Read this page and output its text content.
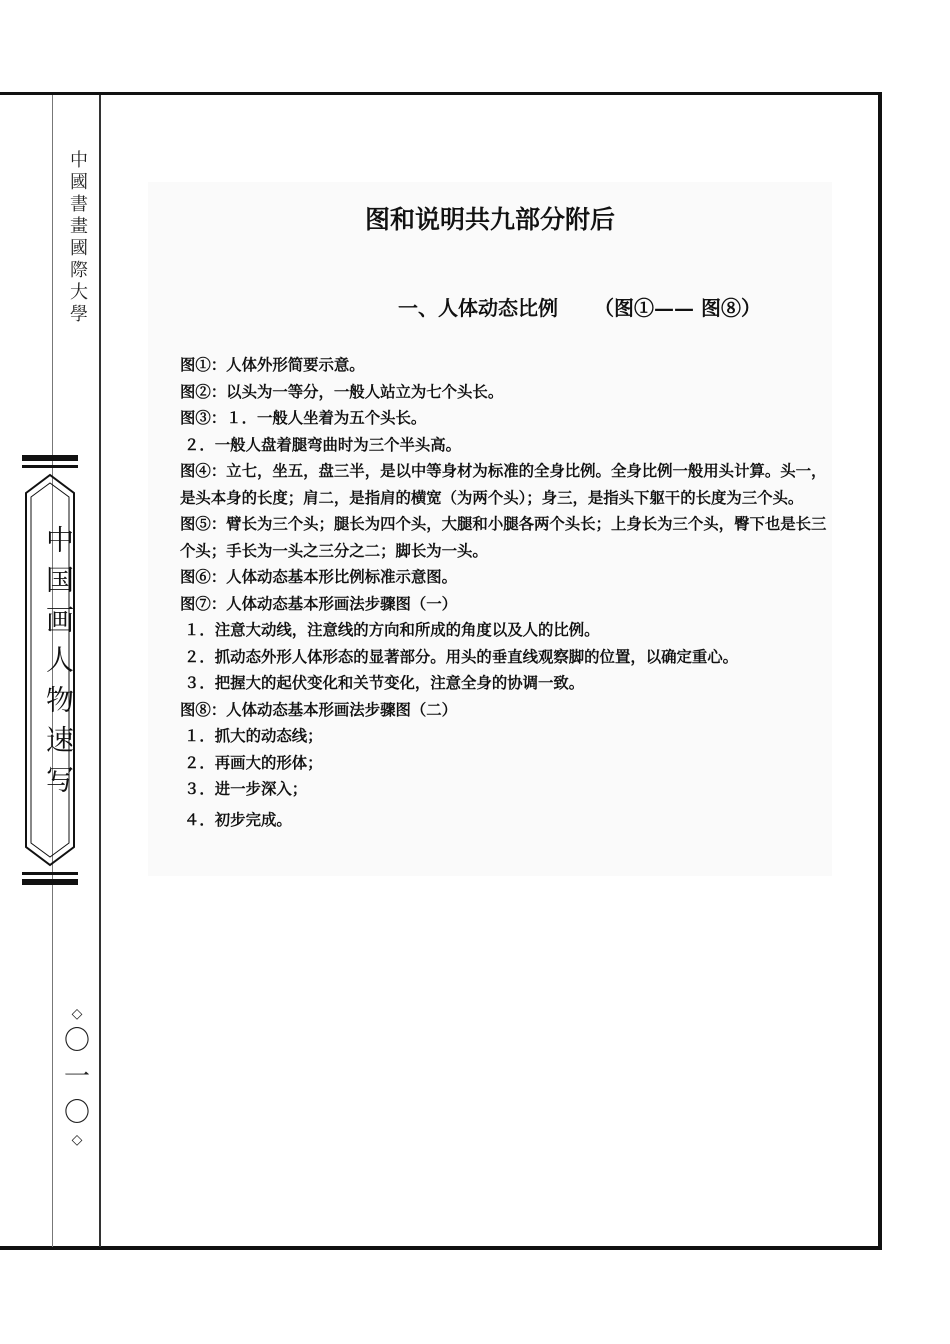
中國書畫國際大學
中国画人物速写
◇
〇
一
〇
◇
图和说明共九部分附后
一、人体动态比例 （图①—— 图⑧）

图①：人体外形简要示意。

图②：以头为一等分，一般人站立为七个头长。

图③：１．一般人坐着为五个头长。

２．一般人盘着腿弯曲时为三个半头高。

图④：立七，坐五，盘三半，是以中等身材为标准的全身比例。全身比例一般用头计算。头一，是头本身的长度；肩二，是指肩的横宽（为两个头）；身三，是指头下躯干的长度为三个头。

图⑤：臂长为三个头；腿长为四个头，大腿和小腿各两个头长；上身长为三个头，臀下也是长三个头；手长为一头之三分之二；脚长为一头。

图⑥：人体动态基本形比例标准示意图。

图⑦：人体动态基本形画法步骤图（一）

１．注意大动线，注意线的方向和所成的角度以及人的比例。

２．抓动态外形人体形态的显著部分。用头的垂直线观察脚的位置，以确定重心。

３．把握大的起伏变化和关节变化，注意全身的协调一致。

图⑧：人体动态基本形画法步骤图（二）

１．抓大的动态线；

２．再画大的形体；

３．进一步深入；

４．初步完成。
